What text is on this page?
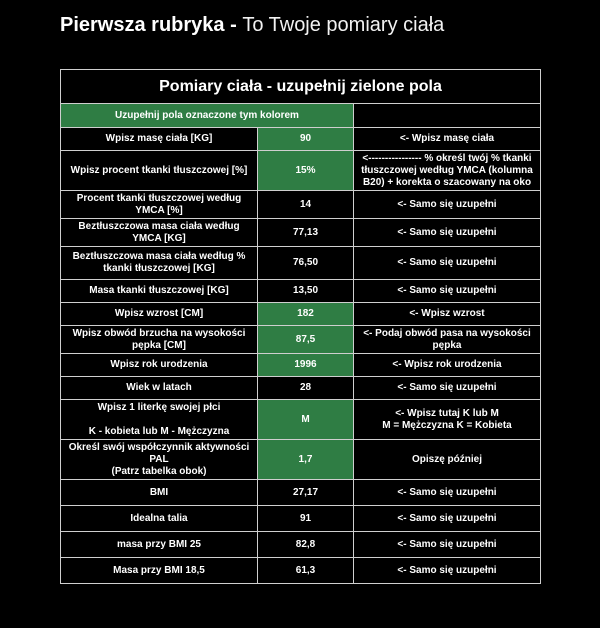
Pierwsza rubryka - To Twoje pomiary ciała
Pomiary ciała - uzupełnij zielone pola		
Uzupełnij pola oznaczone tym kolorem		
Wpisz masę ciała [KG]	90	<- Wpisz masę ciała
Wpisz procent tkanki tłuszczowej [%]	15%	<---------------- % określ twój % tkanki tłuszczowej według YMCA (kolumna B20) + korekta o szacowany na oko
Procent tkanki tłuszczowej według YMCA [%]	14	<- Samo się uzupełni
Beztłuszczowa masa ciała według YMCA [KG]	77,13	<- Samo się uzupełni
Beztłuszczowa masa ciała według % tkanki tłuszczowej [KG]	76,50	<- Samo się uzupełni
Masa tkanki tłuszczowej [KG]	13,50	<- Samo się uzupełni
Wpisz wzrost [CM]	182	<- Wpisz wzrost
Wpisz obwód brzucha na wysokości pępka [CM]	87,5	<- Podaj obwód pasa na wysokości pępka
Wpisz rok urodzenia	1996	<- Wpisz rok urodzenia
Wiek w latach	28	<- Samo się uzupełni
Wpisz 1 literkę swojej płci

K - kobieta lub M - Mężczyzna	M	<- Wpisz tutaj K lub M
M = Mężczyzna K = Kobieta
Określ swój współczynnik aktywności PAL
(Patrz tabelka obok)	1,7	Opiszę później
BMI	27,17	<- Samo się uzupełni
Idealna talia	91	<- Samo się uzupełni
masa przy BMI 25	82,8	<- Samo się uzupełni
Masa przy BMI 18,5	61,3	<- Samo się uzupełni
